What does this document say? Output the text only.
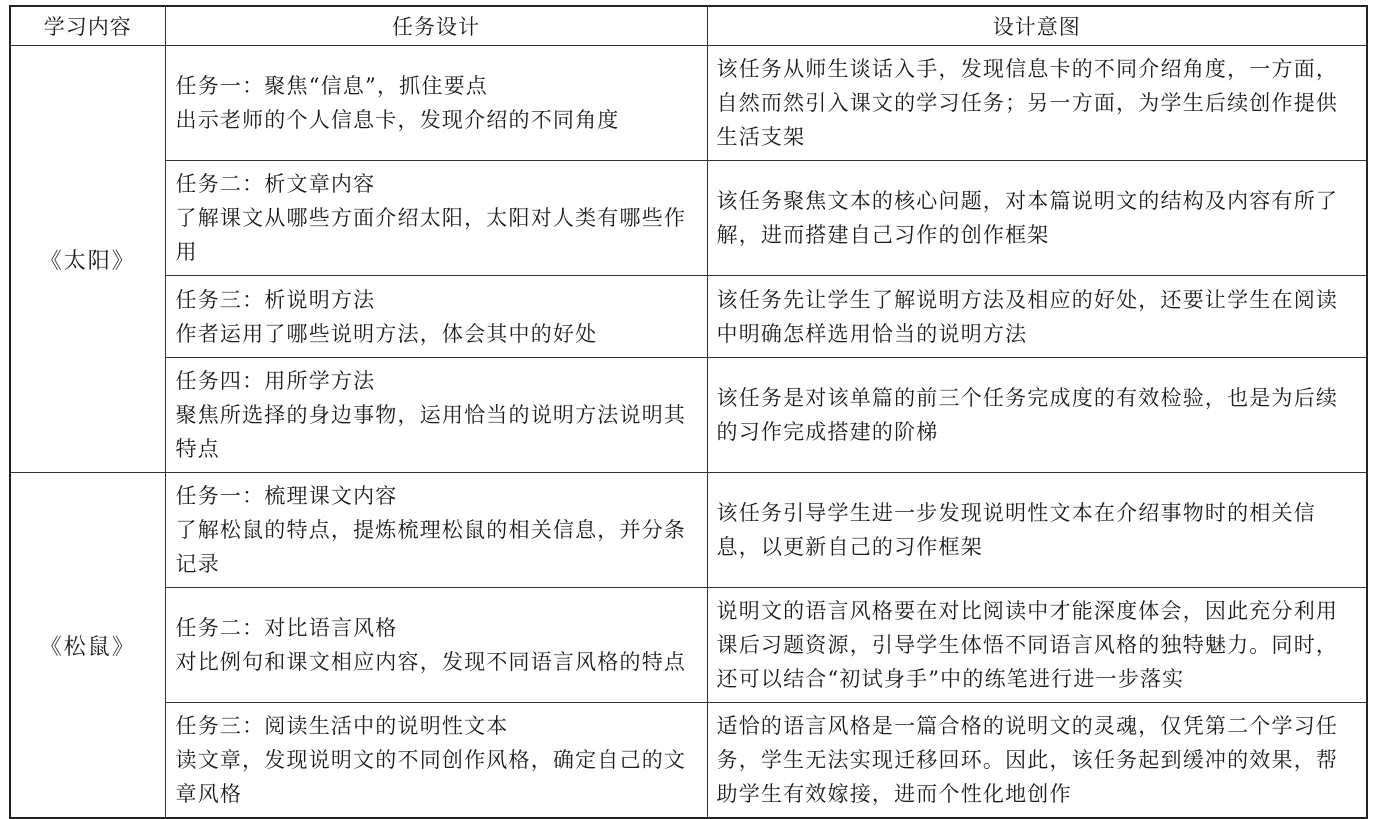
学习内容	任务设计	设计意图
《太阳》	任务一：聚焦“信息”，抓住要点
出示老师的个人信息卡，发现介绍的不同角度	该任务从师生谈话入手，发现信息卡的不同介绍角度，一方面，自然而然引入课文的学习任务；另一方面，为学生后续创作提供生活支架

	任务二：析文章内容
了解课文从哪些方面介绍太阳，太阳对人类有哪些作用	该任务聚焦文本的核心问题，对本篇说明文的结构及内容有所了解，进而搭建自己习作的创作框架

	任务三：析说明方法
作者运用了哪些说明方法，体会其中的好处	该任务先让学生了解说明方法及相应的好处，还要让学生在阅读中明确怎样选用恰当的说明方法

	任务四：用所学方法
聚焦所选择的身边事物，运用恰当的说明方法说明其特点	该任务是对该单篇的前三个任务完成度的有效检验，也是为后续的习作完成搭建的阶梯
《松鼠》	任务一：梳理课文内容
了解松鼠的特点，提炼梳理松鼠的相关信息，并分条记录	该任务引导学生进一步发现说明性文本在介绍事物时的相关信息，以更新自己的习作框架

	任务二：对比语言风格
对比例句和课文相应内容，发现不同语言风格的特点	说明文的语言风格要在对比阅读中才能深度体会，因此充分利用课后习题资源，引导学生体悟不同语言风格的独特魅力。同时，还可以结合“初试身手”中的练笔进行进一步落实

	任务三：阅读生活中的说明性文本
读文章，发现说明文的不同创作风格，确定自己的文章风格	适恰的语言风格是一篇合格的说明文的灵魂，仅凭第二个学习任务，学生无法实现迁移回环。因此，该任务起到缓冲的效果，帮助学生有效嫁接，进而个性化地创作
